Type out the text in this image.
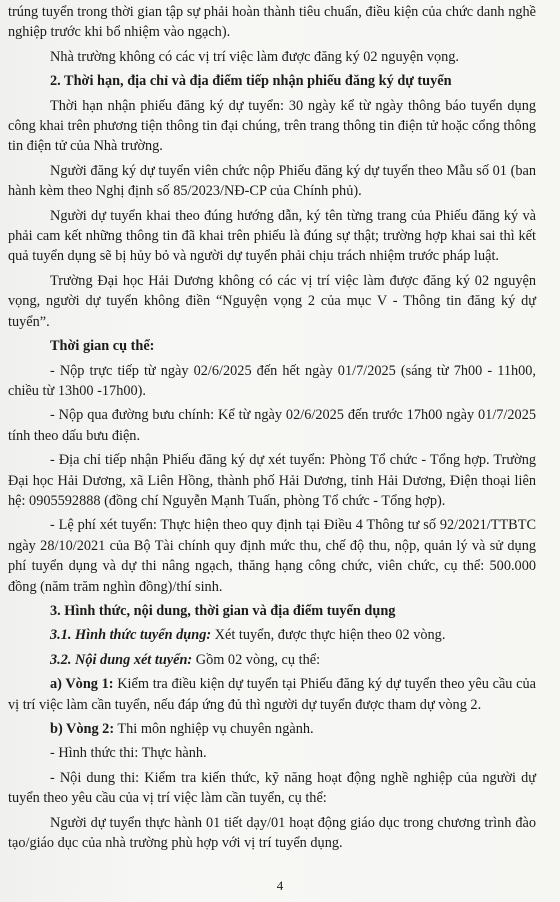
trúng tuyển trong thời gian tập sự phải hoàn thành tiêu chuẩn, điều kiện của chức danh nghề nghiệp trước khi bổ nhiệm vào ngạch).

Nhà trường không có các vị trí việc làm được đăng ký 02 nguyện vọng.

2. Thời hạn, địa chỉ và địa điểm tiếp nhận phiếu đăng ký dự tuyển

Thời hạn nhận phiếu đăng ký dự tuyển: 30 ngày kể từ ngày thông báo tuyển dụng công khai trên phương tiện thông tin đại chúng, trên trang thông tin điện tử hoặc cổng thông tin điện tử của Nhà trường.

Người đăng ký dự tuyển viên chức nộp Phiếu đăng ký dự tuyển theo Mẫu số 01 (ban hành kèm theo Nghị định số 85/2023/NĐ-CP của Chính phủ).

Người dự tuyển khai theo đúng hướng dẫn, ký tên từng trang của Phiếu đăng ký và phải cam kết những thông tin đã khai trên phiếu là đúng sự thật; trường hợp khai sai thì kết quả tuyển dụng sẽ bị hủy bỏ và người dự tuyển phải chịu trách nhiệm trước pháp luật.

Trường Đại học Hải Dương không có các vị trí việc làm được đăng ký 02 nguyện vọng, người dự tuyển không điền “Nguyện vọng 2 của mục V - Thông tin đăng ký dự tuyển”.

Thời gian cụ thể:

- Nộp trực tiếp từ ngày 02/6/2025 đến hết ngày 01/7/2025 (sáng từ 7h00 - 11h00, chiều từ 13h00 -17h00).

- Nộp qua đường bưu chính: Kể từ ngày 02/6/2025 đến trước 17h00 ngày 01/7/2025 tính theo dấu bưu điện.

- Địa chỉ tiếp nhận Phiếu đăng ký dự xét tuyển: Phòng Tổ chức - Tổng hợp. Trường Đại học Hải Dương, xã Liên Hồng, thành phố Hải Dương, tỉnh Hải Dương, Điện thoại liên hệ: 0905592888 (đồng chí Nguyễn Mạnh Tuấn, phòng Tổ chức - Tổng hợp).

- Lệ phí xét tuyển: Thực hiện theo quy định tại Điều 4 Thông tư số 92/2021/TTBTC ngày 28/10/2021 của Bộ Tài chính quy định mức thu, chế độ thu, nộp, quản lý và sử dụng phí tuyển dụng và dự thi nâng ngạch, thăng hạng công chức, viên chức, cụ thể: 500.000 đồng (năm trăm nghìn đồng)/thí sinh.

3. Hình thức, nội dung, thời gian và địa điểm tuyển dụng

3.1. Hình thức tuyển dụng: Xét tuyển, được thực hiện theo 02 vòng.

3.2. Nội dung xét tuyển: Gồm 02 vòng, cụ thể:

a) Vòng 1: Kiểm tra điều kiện dự tuyển tại Phiếu đăng ký dự tuyển theo yêu cầu của vị trí việc làm cần tuyển, nếu đáp ứng đủ thì người dự tuyển được tham dự vòng 2.

b) Vòng 2: Thi môn nghiệp vụ chuyên ngành.

- Hình thức thi: Thực hành.

- Nội dung thi: Kiểm tra kiến thức, kỹ năng hoạt động nghề nghiệp của người dự tuyển theo yêu cầu của vị trí việc làm cần tuyển, cụ thể:

Người dự tuyển thực hành 01 tiết dạy/01 hoạt động giáo dục trong chương trình đào tạo/giáo dục của nhà trường phù hợp với vị trí tuyển dụng.

4
